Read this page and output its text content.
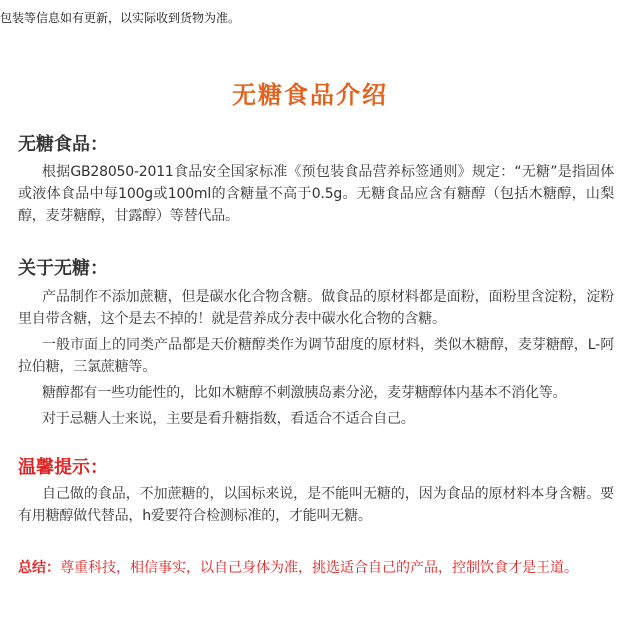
包装等信息如有更新，以实际收到货物为准。
无糖食品介绍
无糖食品：

根据GB28050-2011食品安全国家标准《预包装食品营养标签通则》规定：“无糖”是指固体或液体食品中每100g或100ml的含糖量不高于0.5g。无糖食品应含有糖醇（包括木糖醇，山梨醇，麦芽糖醇，甘露醇）等替代品。

关于无糖：

产品制作不添加蔗糖，但是碳水化合物含糖。做食品的原材料都是面粉，面粉里含淀粉，淀粉里自带含糖，这个是去不掉的！就是营养成分表中碳水化合物的含糖。

一般市面上的同类产品都是天价糖醇类作为调节甜度的原材料，类似木糖醇，麦芽糖醇，L-阿拉伯糖，三氯蔗糖等。

糖醇都有一些功能性的，比如木糖醇不刺激胰岛素分泌，麦芽糖醇体内基本不消化等。

对于忌糖人士来说，主要是看升糖指数，看适合不适合自己。

温馨提示：

自己做的食品，不加蔗糖的，以国标来说，是不能叫无糖的，因为食品的原材料本身含糖。要有用糖醇做代替品，h爱要符合检测标准的，才能叫无糖。

总结：尊重科技，相信事实，以自己身体为准，挑选适合自己的产品，控制饮食才是王道。
